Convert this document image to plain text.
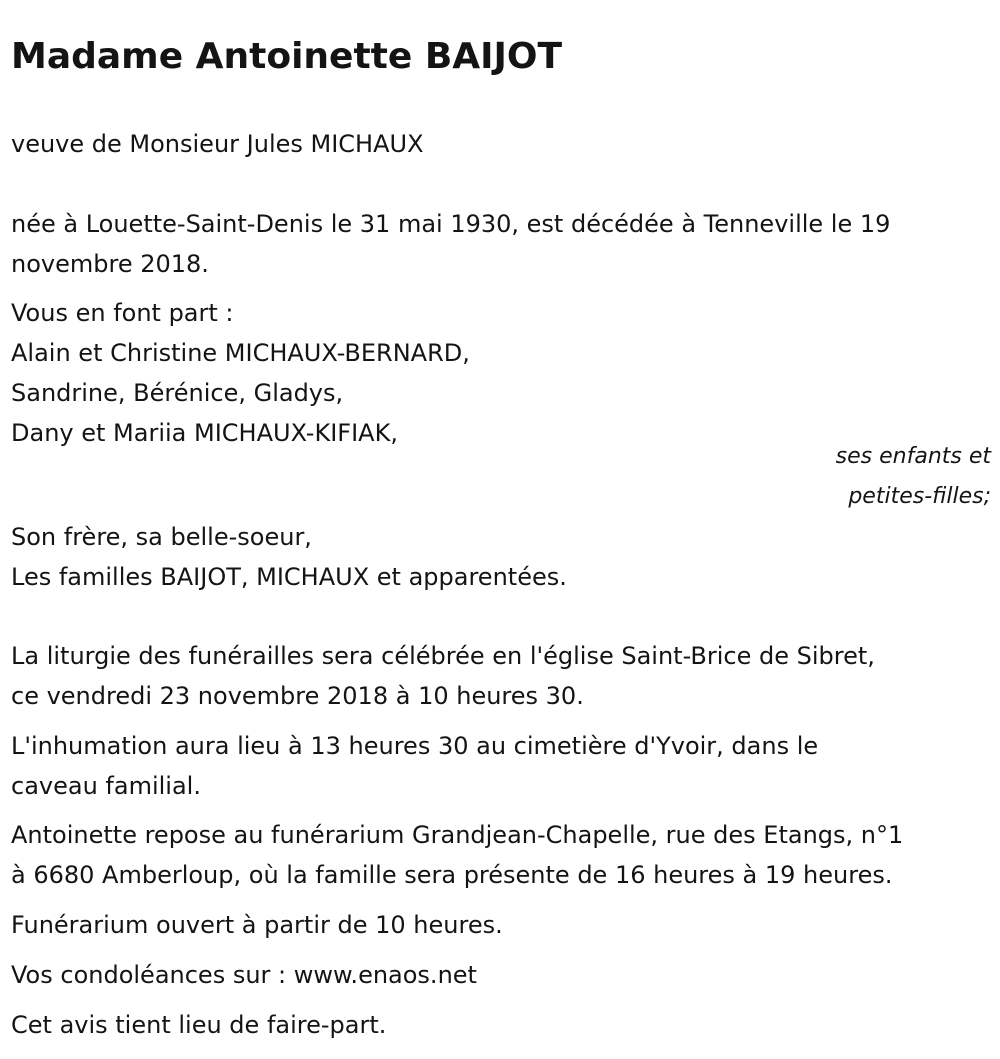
Madame Antoinette BAIJOT

veuve de Monsieur Jules MICHAUX

née à Louette-Saint-Denis le 31 mai 1930, est décédée à Tenneville le 19

novembre 2018.

Vous en font part :

Alain et Christine MICHAUX-BERNARD,

Sandrine, Bérénice, Gladys,

Dany et Mariia MICHAUX-KIFIAK,

ses enfants et

petites-filles;

Son frère, sa belle-soeur,

Les familles BAIJOT, MICHAUX et apparentées.

La liturgie des funérailles sera célébrée en l'église Saint-Brice de Sibret,

ce vendredi 23 novembre 2018 à 10 heures 30.

L'inhumation aura lieu à 13 heures 30 au cimetière d'Yvoir, dans le

caveau familial.

Antoinette repose au funérarium Grandjean-Chapelle, rue des Etangs, n°1

à 6680 Amberloup, où la famille sera présente de 16 heures à 19 heures.

Funérarium ouvert à partir de 10 heures.

Vos condoléances sur : www.enaos.net

Cet avis tient lieu de faire-part.
